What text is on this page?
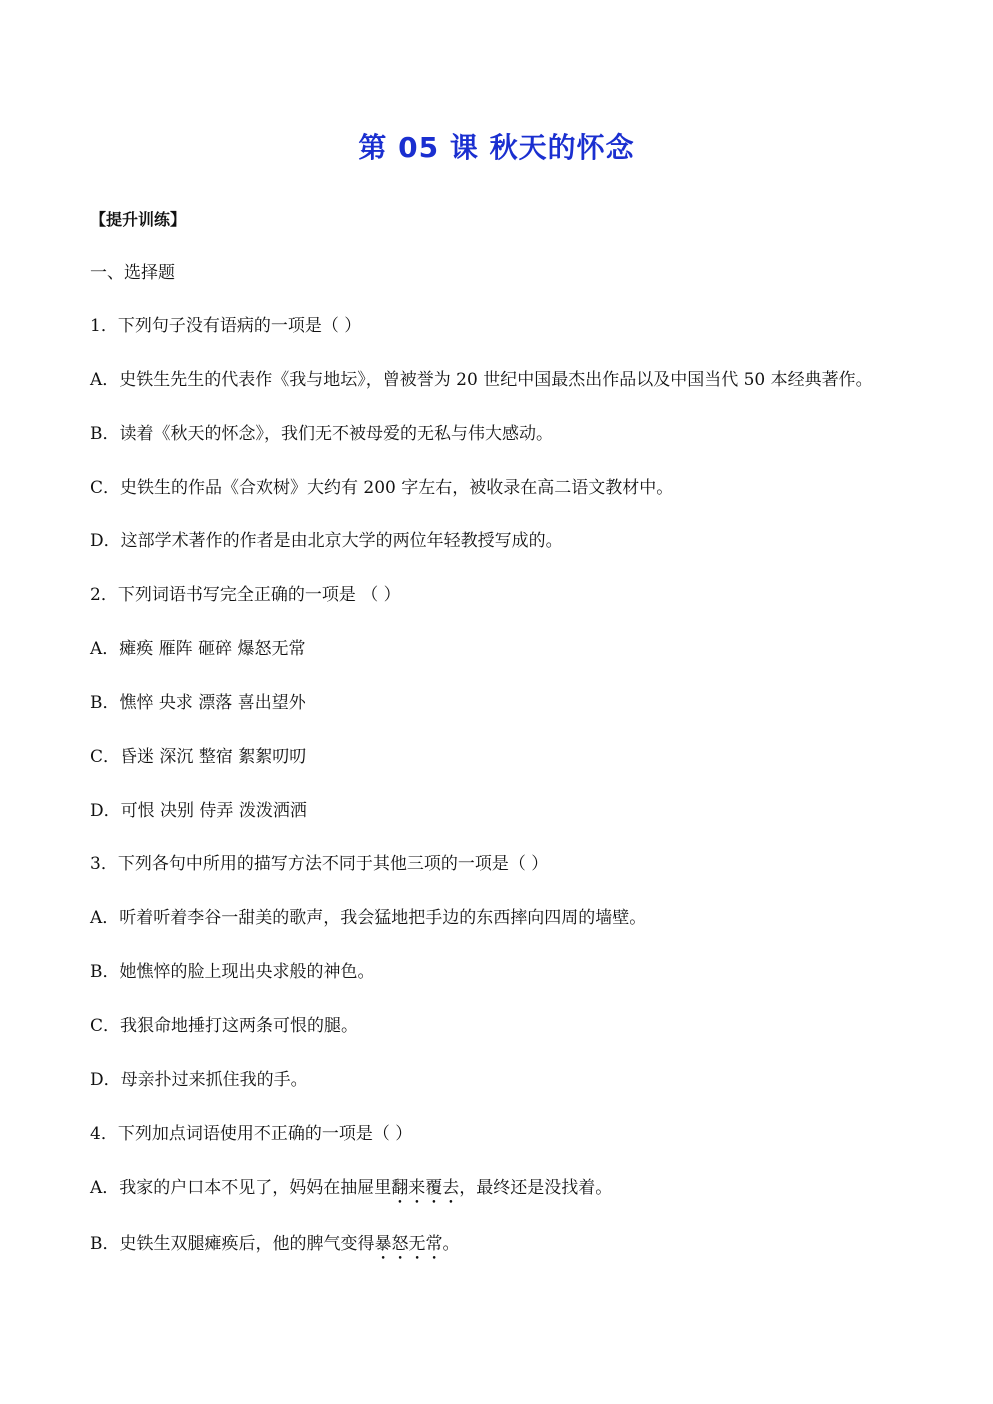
第 05 课 秋天的怀念
【提升训练】
一、选择题
1．下列句子没有语病的一项是（ ）
A．史铁生先生的代表作《我与地坛》，曾被誉为 20 世纪中国最杰出作品以及中国当代 50 本经典著作。
B．读着《秋天的怀念》，我们无不被母爱的无私与伟大感动。
C．史铁生的作品《合欢树》大约有 200 字左右，被收录在高二语文教材中。
D．这部学术著作的作者是由北京大学的两位年轻教授写成的。
2．下列词语书写完全正确的一项是 （ ）
A．瘫痪 雁阵 砸碎 爆怒无常
B．憔悴 央求 漂落 喜出望外
C．昏迷 深沉 整宿 絮絮叨叨
D．可恨 决别 侍弄 泼泼洒洒
3．下列各句中所用的描写方法不同于其他三项的一项是（ ）
A．听着听着李谷一甜美的歌声，我会猛地把手边的东西摔向四周的墙壁。
B．她憔悴的脸上现出央求般的神色。
C．我狠命地捶打这两条可恨的腿。
D．母亲扑过来抓住我的手。
4．下列加点词语使用不正确的一项是（ ）
A．我家的户口本不见了，妈妈在抽屉里翻来覆去，最终还是没找着。
B．史铁生双腿瘫痪后，他的脾气变得暴怒无常。
